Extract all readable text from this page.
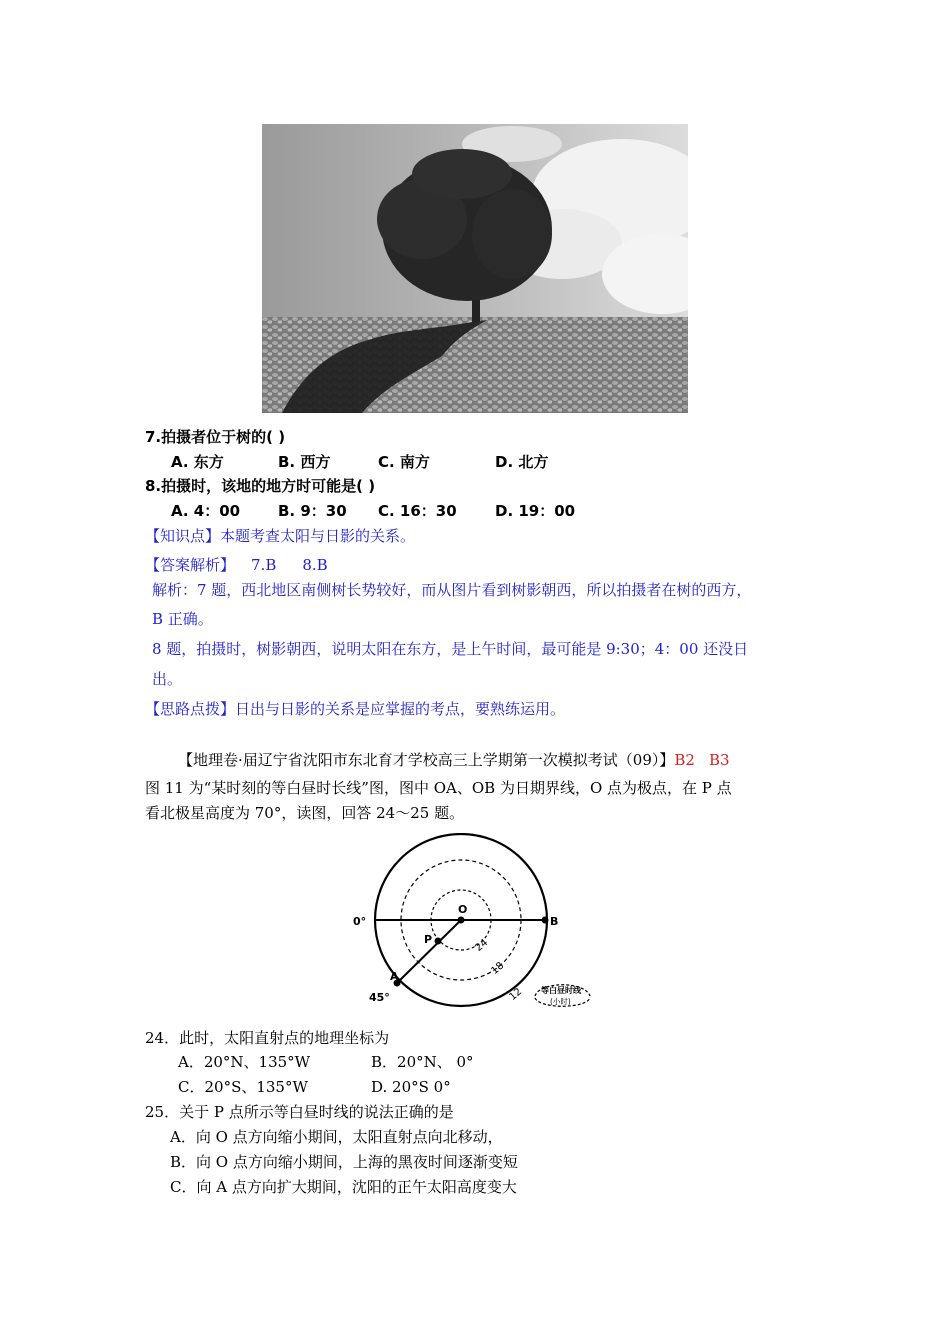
7.拍摄者位于树的( )
A. 东方	B. 西方	C. 南方	D. 北方
8.拍摄时，该地的地方时可能是( )
A. 4：00	B. 9：30 C. 16：30	D. 19：00
【知识点】本题考查太阳与日影的关系。
【答案解析】 7.B 8.B
解析：7 题，西北地区南侧树长势较好，而从图片看到树影朝西，所以拍摄者在树的西方，
B 正确。
8 题，拍摄时，树影朝西，说明太阳在东方，是上午时间，最可能是 9:30；4：00 还没日
出。
【思路点拨】日出与日影的关系是应掌握的考点，要熟练运用。
【地理卷·届辽宁省沈阳市东北育才学校高三上学期第一次模拟考试（09）】B2 B3
图 11 为“某时刻的等白昼时长线”图，图中 OA、OB 为日期界线，O 点为极点，在 P 点
看北极星高度为 70°，读图，回答 24～25 题。
0°
45°
O
P
A
B
24
18
12 等白昼时线
(小时)
24．此时，太阳直射点的地理坐标为
A．20°N、135°W	B．20°N、 0°
C．20°S、135°W	D. 20°S 0°
25．关于 P 点所示等白昼时线的说法正确的是
A．向 O 点方向缩小期间，太阳直射点向北移动，
B．向 O 点方向缩小期间，上海的黑夜时间逐渐变短
C．向 A 点方向扩大期间，沈阳的正午太阳高度变大
